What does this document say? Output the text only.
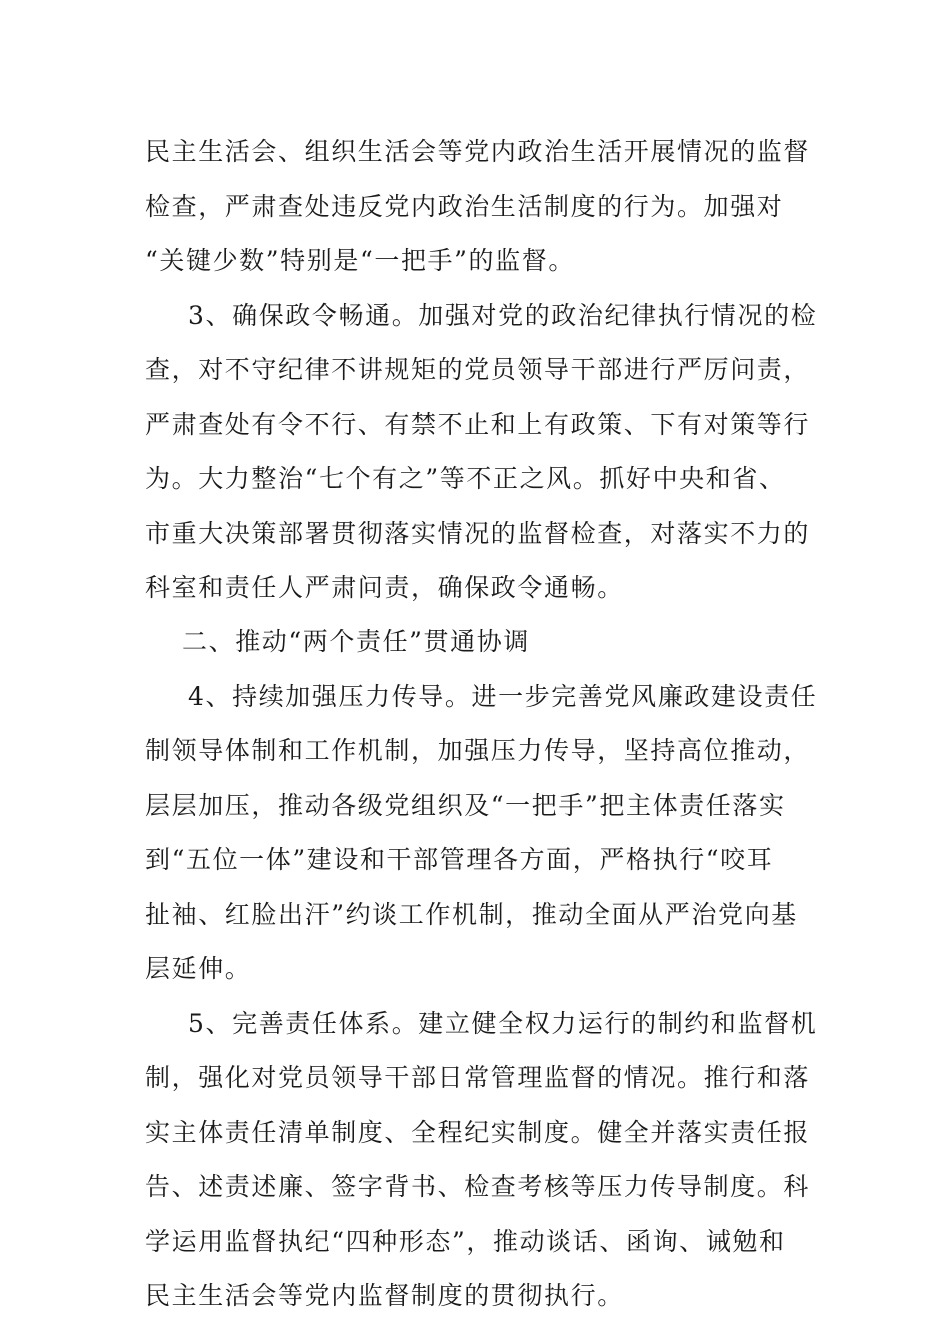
民主生活会、组织生活会等党内政治生活开展情况的监督
检查，严肃查处违反党内政治生活制度的行为。加强对
“关键少数”特别是“一把手”的监督。
3、确保政令畅通。加强对党的政治纪律执行情况的检
查，对不守纪律不讲规矩的党员领导干部进行严厉问责，
严肃查处有令不行、有禁不止和上有政策、下有对策等行
为。大力整治“七个有之”等不正之风。抓好中央和省、
市重大决策部署贯彻落实情况的监督检查，对落实不力的
科室和责任人严肃问责，确保政令通畅。
二、推动“两个责任”贯通协调
4、持续加强压力传导。进一步完善党风廉政建设责任
制领导体制和工作机制，加强压力传导，坚持高位推动，
层层加压，推动各级党组织及“一把手”把主体责任落实
到“五位一体”建设和干部管理各方面，严格执行“咬耳
扯袖、红脸出汗”约谈工作机制，推动全面从严治党向基
层延伸。
5、完善责任体系。建立健全权力运行的制约和监督机
制，强化对党员领导干部日常管理监督的情况。推行和落
实主体责任清单制度、全程纪实制度。健全并落实责任报
告、述责述廉、签字背书、检查考核等压力传导制度。科
学运用监督执纪“四种形态”，推动谈话、函询、诫勉和
民主生活会等党内监督制度的贯彻执行。
